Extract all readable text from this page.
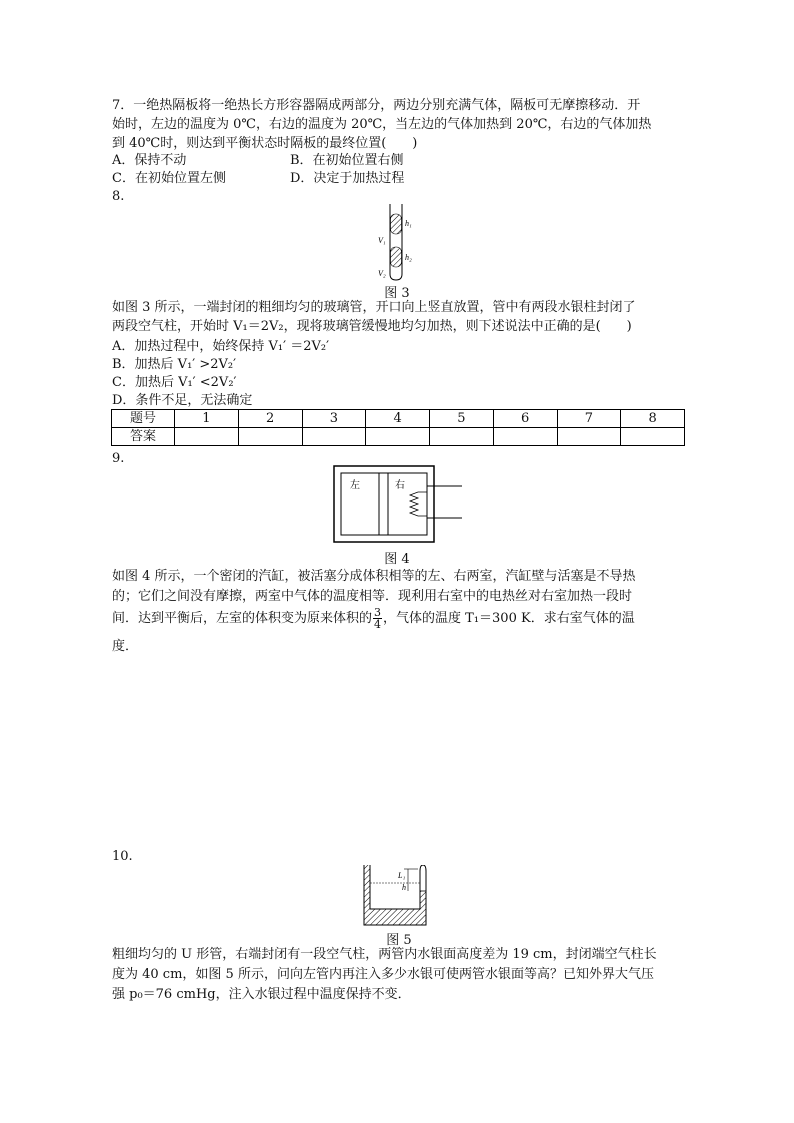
7．一绝热隔板将一绝热长方形容器隔成两部分，两边分别充满气体，隔板可无摩擦移动．开
始时，左边的温度为 0℃，右边的温度为 20℃，当左边的气体加热到 20℃，右边的气体加热
到 40℃时，则达到平衡状态时隔板的最终位置(　　)
A．保持不动	B．在初始位置右侧
C．在初始位置左侧	D．决定于加热过程
8.
h₁
V₁
h₂
V₂
图 3
如图 3 所示，一端封闭的粗细均匀的玻璃管，开口向上竖直放置，管中有两段水银柱封闭了
两段空气柱，开始时 V₁＝2V₂，现将玻璃管缓慢地均匀加热，则下述说法中正确的是(　　)
A．加热过程中，始终保持 V₁′ ＝2V₂′
B．加热后 V₁′ >2V₂′
C．加热后 V₁′ <2V₂′
D．条件不足，无法确定
题号	1	2	3	4	5	6	7	8
答案								
9.
左	右
图 4
如图 4 所示，一个密闭的汽缸，被活塞分成体积相等的左、右两室，汽缸壁与活塞是不导热
的；它们之间没有摩擦，两室中气体的温度相等．现利用右室中的电热丝对右室加热一段时
间．达到平衡后，左室的体积变为原来体积的 $\frac{3}{4}$ ，气体的温度 T₁＝300 K．求右室气体的温
度．
10.
L₁
h
图 5
粗细均匀的 U 形管，右端封闭有一段空气柱，两管内水银面高度差为 19 cm，封闭端空气柱长
度为 40 cm，如图 5 所示，问向左管内再注入多少水银可使两管水银面等高？已知外界大气压
强 p₀＝76 cmHg，注入水银过程中温度保持不变．
